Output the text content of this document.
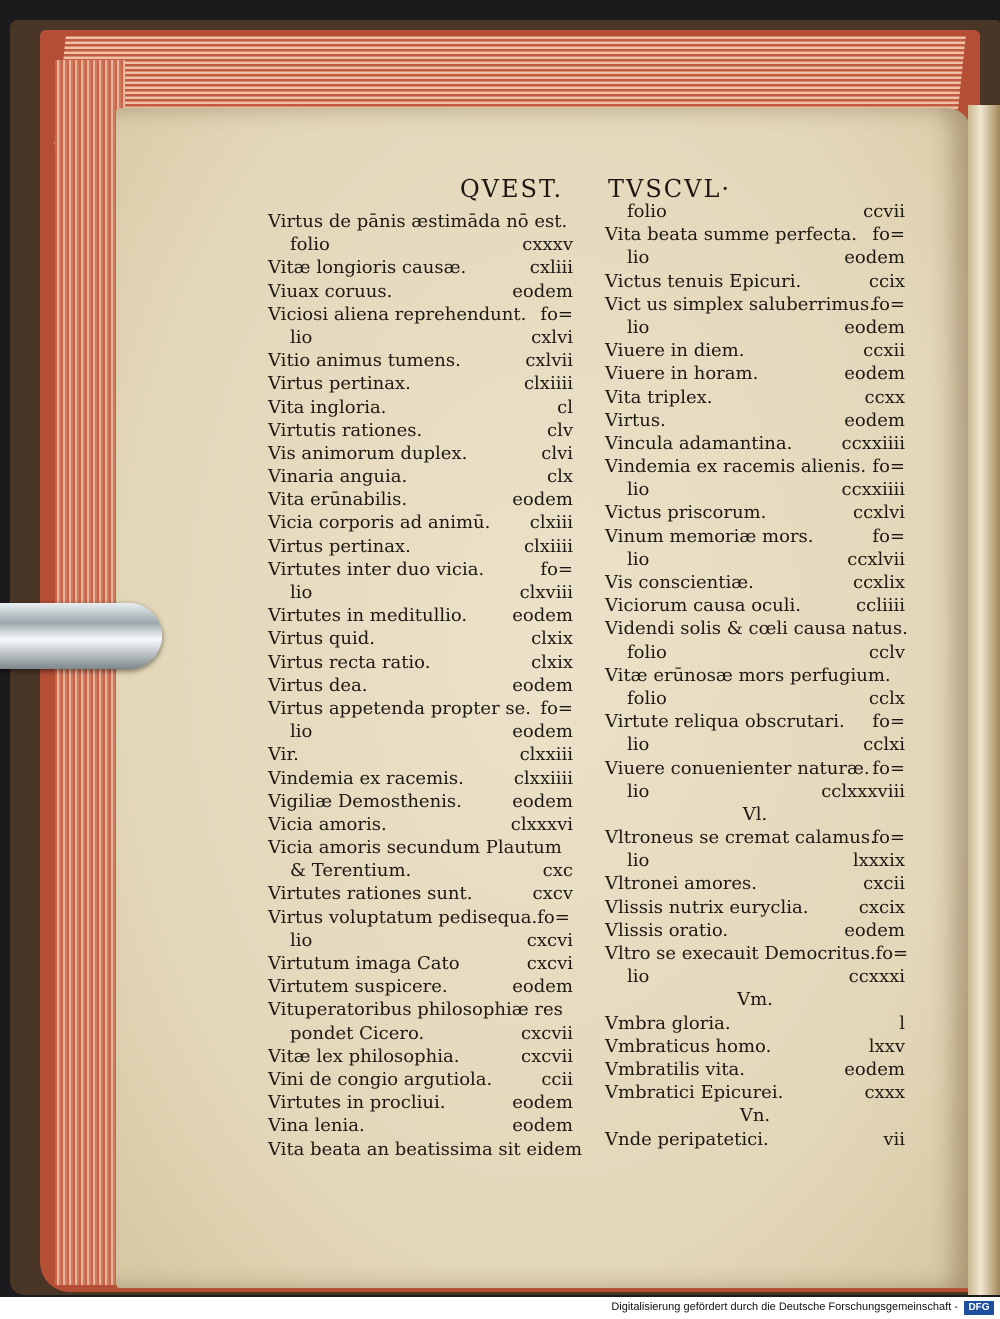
QVEST. TVSCVL·
Virtus de pānis æstimāda nō est.
folio	cxxxv
Vitæ longioris causæ.	cxliii
Viuax coruus.	eodem
Viciosi aliena reprehendunt. fo=
lio	cxlvi
Vitio animus tumens.	cxlvii
Virtus pertinax.	clxiiii
Vita ingloria.	cl
Virtutis rationes.	clv
Vis animorum duplex.	clvi
Vinaria anguia.	clx
Vita erūnabilis.	eodem
Vicia corporis ad animū. clxiii
Virtus pertinax.	clxiiii
Virtutes inter duo vicia.	fo=
lio	clxviii
Virtutes in meditullio.	eodem
Virtus quid.	clxix
Virtus recta ratio.	clxix
Virtus dea.	eodem
Virtus appetenda propter se. fo=
lio	eodem
Vir.	clxxiii
Vindemia ex racemis.	clxxiiii
Vigiliæ Demosthenis.	eodem
Vicia amoris.	clxxxvi
Vicia amoris secundum Plautum
& Terentium.	cxc
Virtutes rationes sunt.	cxcv
Virtus voluptatum pedisequa.fo=
lio	cxcvi
Virtutum imaga Cato	cxcvi
Virtutem suspicere.	eodem
Vituperatoribus philosophiæ res
pondet Cicero.	cxcvii
Vitæ lex philosophia.	cxcvii
Vini de congio argutiola.	ccii
Virtutes in procliui.	eodem
Vina lenia.	eodem
Vita beata an beatissima sit eidem
folio	ccvii
Vita beata summe perfecta. fo=
lio	eodem
Victus tenuis Epicuri.	ccix
Vict us simplex saluberrimus.
fo=
lio	eodem
Viuere in diem.	ccxii
Viuere in horam.	eodem
Vita triplex.	ccxx
Virtus.	eodem
Vincula adamantina.	ccxxiiii
Vindemia ex racemis alienis. fo=
lio	ccxxiiii
Victus priscorum.	ccxlvi
Vinum memoriæ mors.	fo=
lio	ccxlvii
Vis conscientiæ.	ccxlix
Viciorum causa oculi.	ccliiii
Videndi solis & cœli causa natus.
folio	cclv
Vitæ erūnosæ mors perfugium.
folio	cclx
Virtute reliqua obscrutari. fo=
lio	cclxi
Viuere conuenienter naturæ. fo=
lio	cclxxxviii
Vl.
Vltroneus se cremat calamus.
fo=
lio	lxxxix
Vltronei amores.	cxcii
Vlissis nutrix euryclia.	cxcix
Vlissis oratio.	eodem
Vltro se execauit Democritus.fo=
lio	ccxxxi
Vm.
Vmbra gloria.	l
Vmbraticus homo.	lxxv
Vmbratilis vita.	eodem
Vmbratici Epicurei.	cxxx
Vn.
Vnde peripatetici.	vii
Digitalisierung gefördert durch die Deutsche Forschungsgemeinschaft -	DFG
